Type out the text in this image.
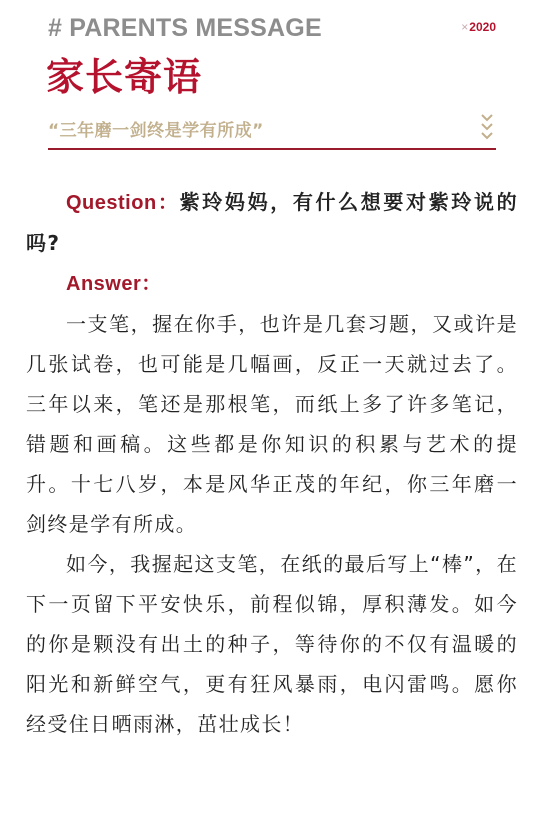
# PARENTS MESSAGE	×2020
家长寄语
“三年磨一剑终是学有所成”

Question：紫玲妈妈，有什么想要对紫玲说的吗?

Answer：

一支笔，握在你手，也许是几套习题，又或许是几张试卷，也可能是几幅画，反正一天就过去了。三年以来，笔还是那根笔，而纸上多了许多笔记，错题和画稿。这些都是你知识的积累与艺术的提升。十七八岁，本是风华正茂的年纪，你三年磨一剑终是学有所成。

如今，我握起这支笔，在纸的最后写上“棒”，在下一页留下平安快乐，前程似锦，厚积薄发。如今的你是颗没有出土的种子，等待你的不仅有温暖的阳光和新鲜空气，更有狂风暴雨，电闪雷鸣。愿你经受住日晒雨淋，茁壮成长！
